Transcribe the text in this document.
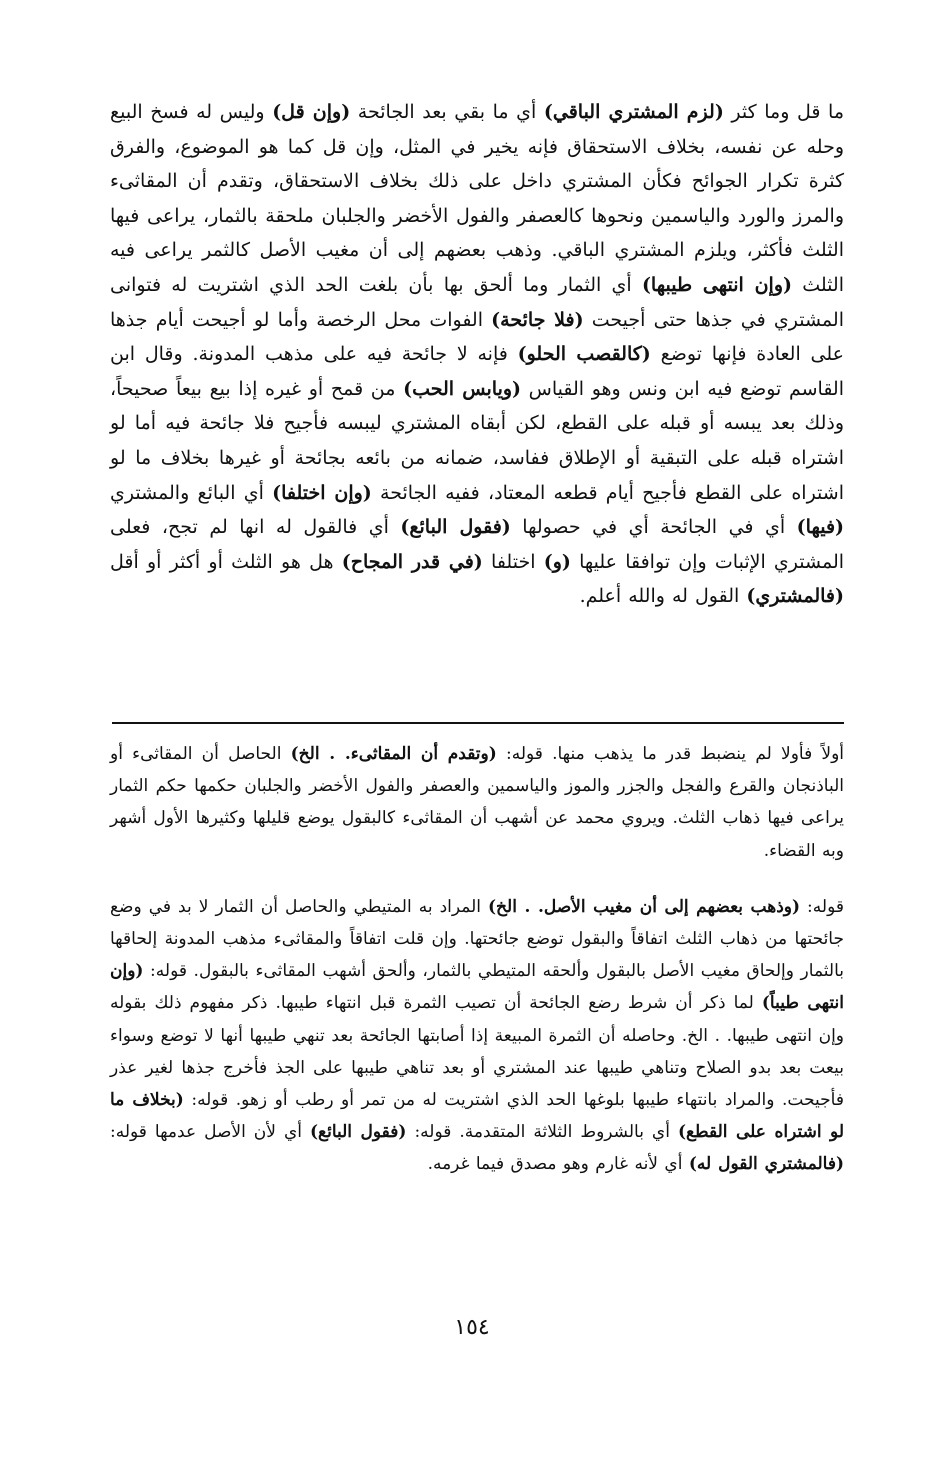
ما قل وما كثر (لزم المشتري الباقي) أي ما بقي بعد الجائحة (وإن قل) وليس له فسخ البيع وحله عن نفسه، بخلاف الاستحقاق فإنه يخير في المثل، وإن قل كما هو الموضوع، والفرق كثرة تكرار الجوائح فكأن المشتري داخل على ذلك بخلاف الاستحقاق، وتقدم أن المقاثىء والمرز والورد والياسمين ونحوها كالعصفر والفول الأخضر والجلبان ملحقة بالثمار، يراعى فيها الثلث فأكثر، ويلزم المشتري الباقي. وذهب بعضهم إلى أن مغيب الأصل كالثمر يراعى فيه الثلث (وإن انتهى طيبها) أي الثمار وما ألحق بها بأن بلغت الحد الذي اشتريت له فتوانى المشتري في جذها حتى أجيحت (فلا جائحة) الفوات محل الرخصة وأما لو أجيحت أيام جذها على العادة فإنها توضع (كالقصب الحلو) فإنه لا جائحة فيه على مذهب المدونة. وقال ابن القاسم توضع فيه ابن ونس وهو القياس (ويابس الحب) من قمح أو غيره إذا بيع بيعاً صحيحاً، وذلك بعد يبسه أو قبله على القطع، لكن أبقاه المشتري ليبسه فأجيح فلا جائحة فيه أما لو اشتراه قبله على التبقية أو الإطلاق ففاسد، ضمانه من بائعه بجائحة أو غيرها بخلاف ما لو اشتراه على القطع فأجيح أيام قطعه المعتاد، ففيه الجائحة (وإن اختلفا) أي البائع والمشتري (فيها) أي في الجائحة أي في حصولها (فقول البائع) أي فالقول له انها لم تجح، فعلى المشتري الإثبات وإن توافقا عليها (و) اختلفا (في قدر المجاح) هل هو الثلث أو أكثر أو أقل (فالمشتري) القول له والله أعلم.

أولاً فأولا لم ينضبط قدر ما يذهب منها. قوله: (وتقدم أن المقاثىء. . الخ) الحاصل أن المقاثىء أو الباذنجان والقرع والفجل والجزر والموز والياسمين والعصفر والفول الأخضر والجلبان حكمها حكم الثمار يراعى فيها ذهاب الثلث. ويروي محمد عن أشهب أن المقاثىء كالبقول يوضع قليلها وكثيرها الأول أشهر وبه القضاء.

قوله: (وذهب بعضهم إلى أن مغيب الأصل. . الخ) المراد به المتيطي والحاصل أن الثمار لا بد في وضع جائحتها من ذهاب الثلث اتفاقاً والبقول توضع جائحتها. وإن قلت اتفاقاً والمقاثىء مذهب المدونة إلحاقها بالثمار وإلحاق مغيب الأصل بالبقول وألحقه المتيطي بالثمار، وألحق أشهب المقاثىء بالبقول. قوله: (وإن انتهى طيباً) لما ذكر أن شرط رضع الجائحة أن تصيب الثمرة قبل انتهاء طيبها. ذكر مفهوم ذلك بقوله وإن انتهى طيبها. . الخ. وحاصله أن الثمرة المبيعة إذا أصابتها الجائحة بعد تنهي طيبها أنها لا توضع وسواء بيعت بعد بدو الصلاح وتناهي طيبها عند المشتري أو بعد تناهي طيبها على الجذ فأخرج جذها لغير عذر فأجيحت. والمراد بانتهاء طيبها بلوغها الحد الذي اشتريت له من تمر أو رطب أو زهو. قوله: (بخلاف ما لو اشتراه على القطع) أي بالشروط الثلاثة المتقدمة. قوله: (فقول البائع) أي لأن الأصل عدمها قوله: (فالمشتري القول له) أي لأنه غارم وهو مصدق فيما غرمه.

١٥٤
